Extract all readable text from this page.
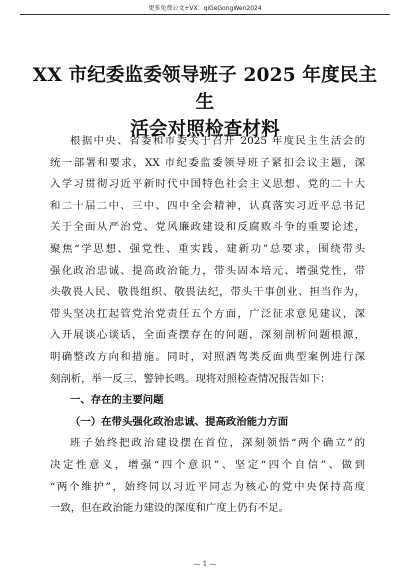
更多免费公文+VX：qiGeGongWen2024
XX 市纪委监委领导班子 2025 年度民主生
活会对照检查材料
根据中央、省委和市委关于召开 2025 年度民主生活会的
统一部署和要求，XX 市纪委监委领导班子紧扣会议主题，深
入学习贯彻习近平新时代中国特色社会主义思想、党的二十大
和二十届二中、三中、四中全会精神，认真落实习近平总书记
关于全面从严治党、党风廉政建设和反腐败斗争的重要论述，
聚焦“学思想、强党性、重实践、建新功”总要求，围绕带头
强化政治忠诚、提高政治能力，带头固本培元、增强党性，带
头敬畏人民、敬畏组织、敬畏法纪，带头干事创业、担当作为，
带头坚决扛起管党治党责任五个方面，广泛征求意见建议，深
入开展谈心谈话，全面查摆存在的问题，深刻剖析问题根源，
明确整改方向和措施。同时，对照酒驾类反面典型案例进行深
刻剖析，举一反三、警钟长鸣。现将对照检查情况报告如下：
一、存在的主要问题
（一）在带头强化政治忠诚、提高政治能力方面
班子始终把政治建设摆在首位，深刻领悟“两个确立”的
决定性意义，增强“四个意识”、坚定“四个自信”、做到
“两个维护”，始终同以习近平同志为核心的党中央保持高度
一致，但在政治能力建设的深度和广度上仍有不足。
— 1 —
